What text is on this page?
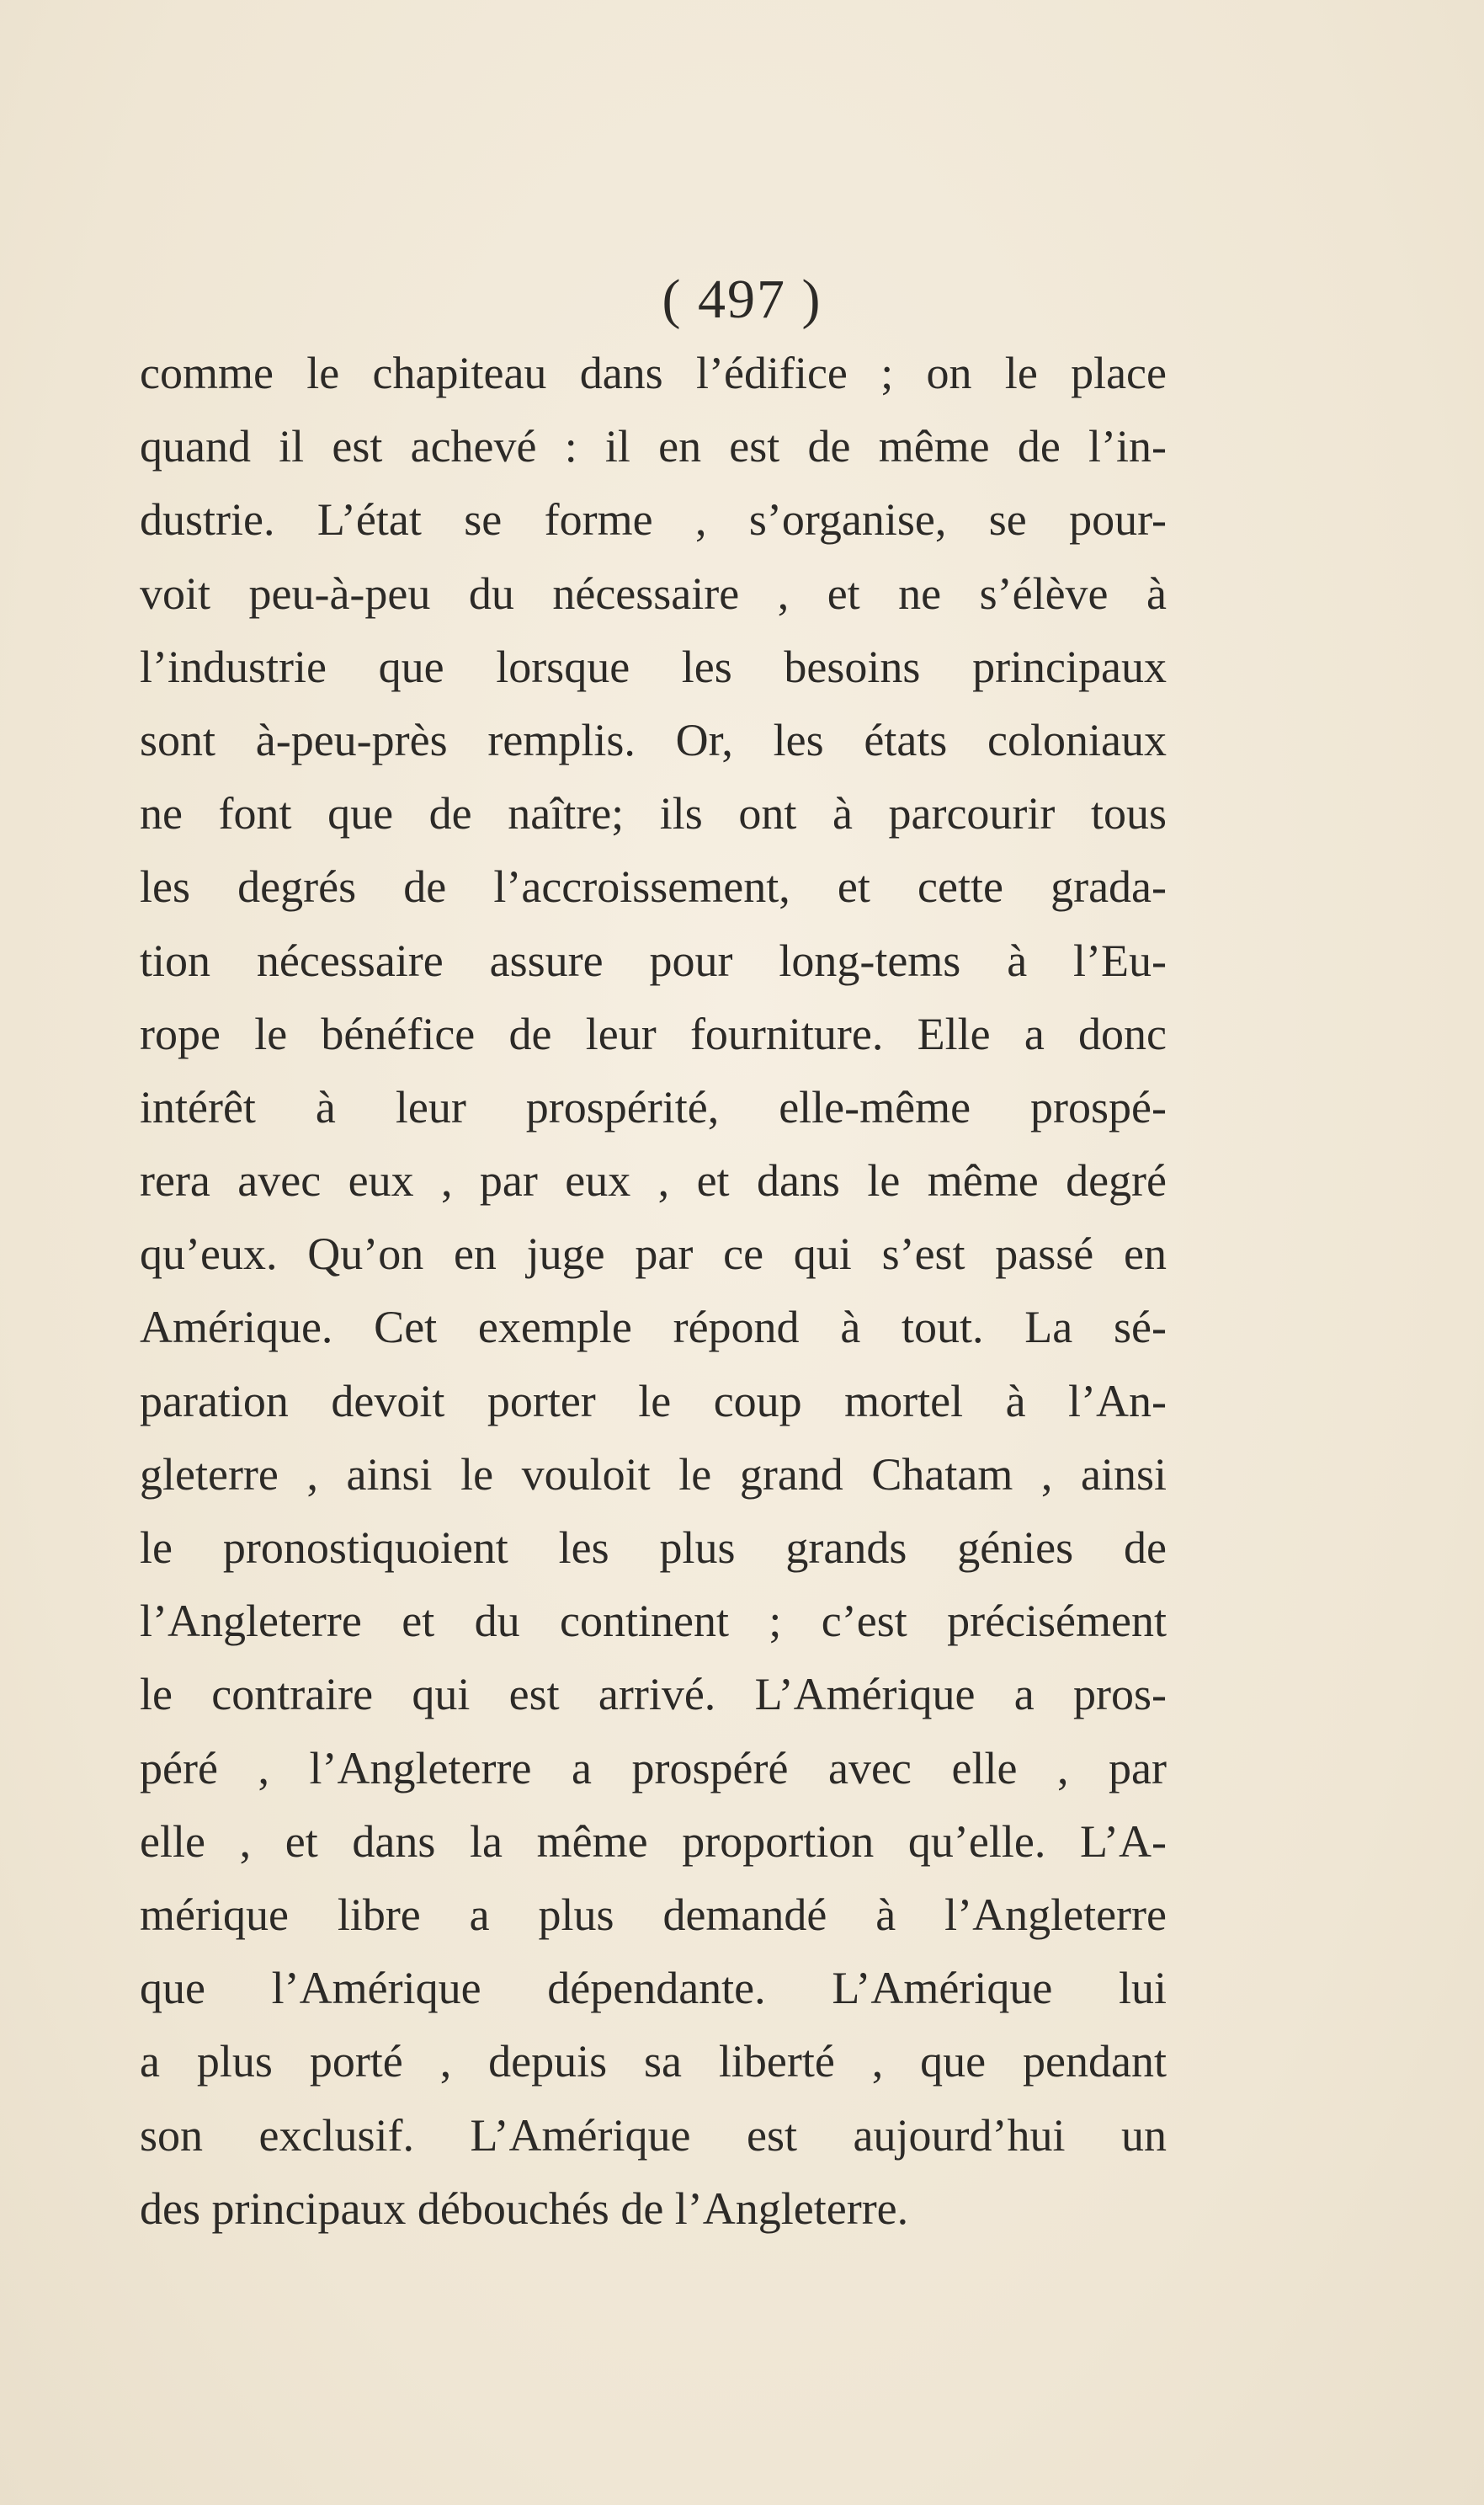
( 497 )
comme le chapiteau dans l’édifice ; on le place
quand il est achevé : il en est de même de l’in-
dustrie. L’état se forme , s’organise, se pour-
voit peu-à-peu du nécessaire , et ne s’élève à
l’industrie que lorsque les besoins principaux
sont à-peu-près remplis. Or, les états coloniaux
ne font que de naître; ils ont à parcourir tous
les degrés de l’accroissement, et cette grada-
tion nécessaire assure pour long-tems à l’Eu-
rope le bénéfice de leur fourniture. Elle a donc
intérêt à leur prospérité, elle-même prospé-
rera avec eux , par eux , et dans le même degré
qu’eux. Qu’on en juge par ce qui s’est passé en
Amérique. Cet exemple répond à tout. La sé-
paration devoit porter le coup mortel à l’An-
gleterre , ainsi le vouloit le grand Chatam , ainsi
le pronostiquoient les plus grands génies de
l’Angleterre et du continent ; c’est précisément
le contraire qui est arrivé. L’Amérique a pros-
péré , l’Angleterre a prospéré avec elle , par
elle , et dans la même proportion qu’elle. L’A-
mérique libre a plus demandé à l’Angleterre
que l’Amérique dépendante. L’Amérique lui
a plus porté , depuis sa liberté , que pendant
son exclusif. L’Amérique est aujourd’hui un
des principaux débouchés de l’Angleterre.
